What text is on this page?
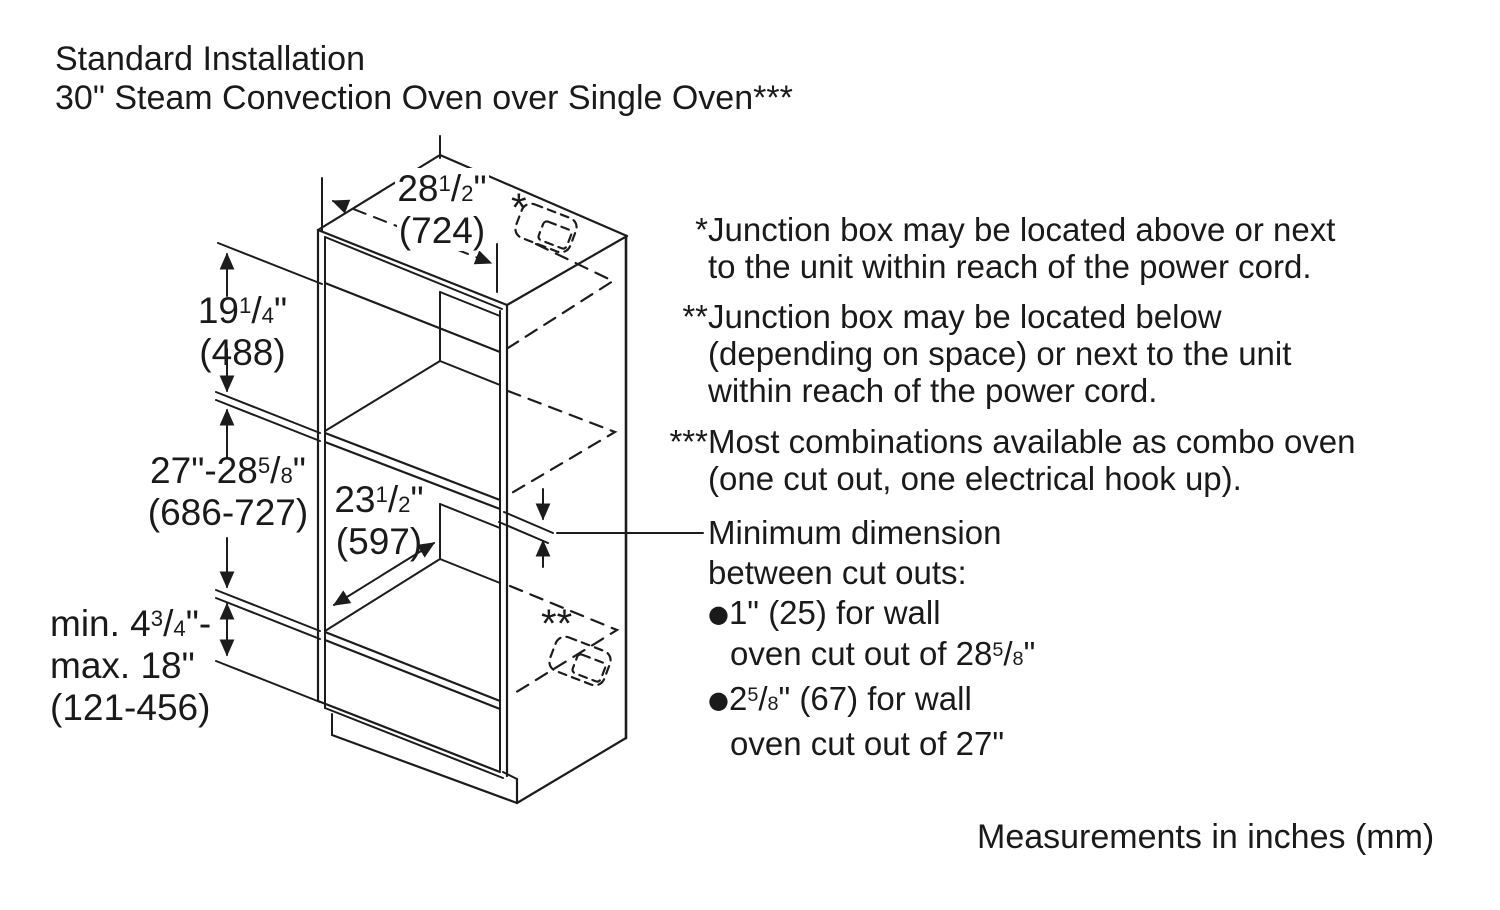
Standard Installation
30" Steam Convection Oven over Single Oven***
*
**
28$^1$/2"
(724)
19$^1$/4"
(488)
27"-28$^5$/8"
(686-727) 23$^1$/2"
(597)
min. 4$^3$/4"-
max. 18"
(121-456)
*Junction box may be located above or next
to the unit within reach of the power cord.
**Junction box may be located below
(depending on space) or next to the unit
within reach of the power cord.
***Most combinations available as combo oven
(one cut out, one electrical hook up).
Minimum dimension
between cut outs:
●1" (25) for wall
oven cut out of 28$^5$/8"
●2$^5$/8" (67) for wall
oven cut out of 27"
Measurements in inches (mm)
